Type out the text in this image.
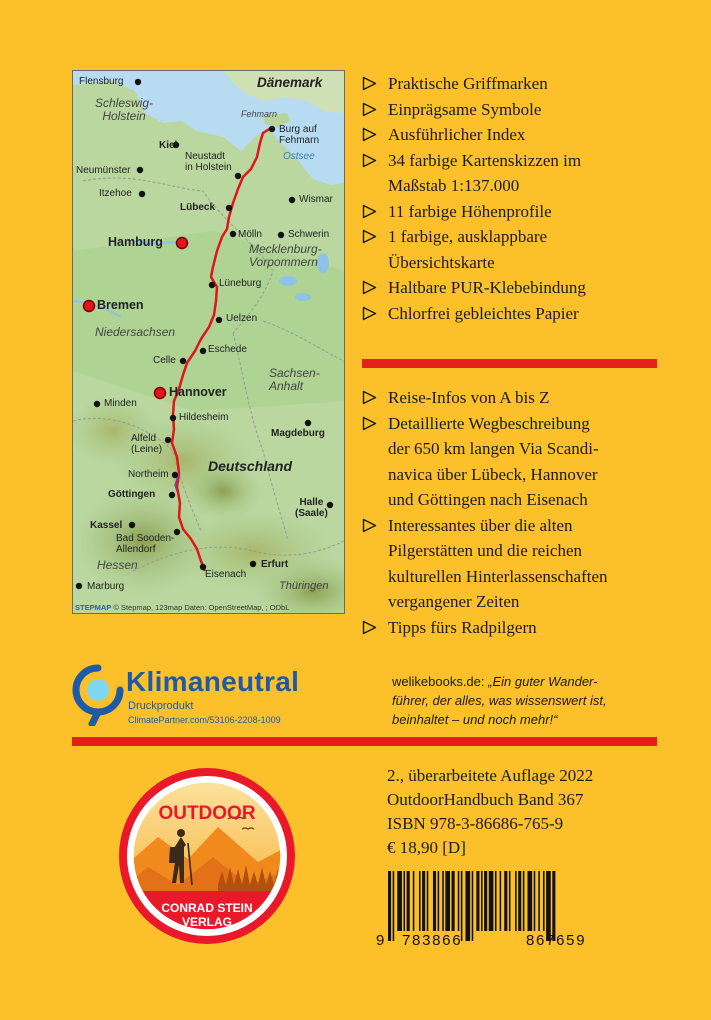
Flensburg	Dänemark
Schleswig-
Holstein	Fehmarn
Burg auf
Fehmarn
Kiel
Neustadt
in Holstein
Ostsee
Neumünster
Itzehoe
Wismar
Lübeck
Schwerin
Mölln
Hamburg	Mecklenburg-
Vorpommern
Lüneburg
Bremen
Uelzen
Niedersachsen
Eschede
Celle
Sachsen-
Anhalt
Hannover
Minden
Hildesheim
Magdeburg
Alfeld
(Leine)
Deutschland
Northeim
Göttingen
Halle
(Saale)
Kassel
Bad Sooden-
Allendorf
Erfurt
Hessen
Eisenach
Thüringen
Marburg
STEPMAP © Stepmap, 123map Daten: OpenStreetMap, ; ODbL
Praktische Griffmarken
Einprägsame Symbole
Ausführlicher Index
34 farbige Kartenskizzen im
Maßstab 1:137.000
11 farbige Höhenprofile
1 farbige, ausklappbare
Übersichtskarte
Haltbare PUR-Klebebindung
Chlorfrei gebleichtes Papier
Reise-Infos von A bis Z
Detaillierte Wegbeschreibung
der 650 km langen Via Scandi-
navica über Lübeck, Hannover
und Göttingen nach Eisenach
Interessantes über die alten
Pilgerstätten und die reichen
kulturellen Hinterlassenschaften
vergangener Zeiten
Tipps fürs Radpilgern
Klimaneutral
Druckprodukt
ClimatePartner.com/53106-2208-1009
welikebooks.de: „Ein guter Wander-
führer, der alles, was wissenswert ist,
beinhaltet – und noch mehr!“
OUTDOOR
CONRAD STEIN
VERLAG
2., überarbeitete Auflage 2022
OutdoorHandbuch Band 367
ISBN 978-3-86686-765-9
€ 18,90 [D]
9 783866	867659
